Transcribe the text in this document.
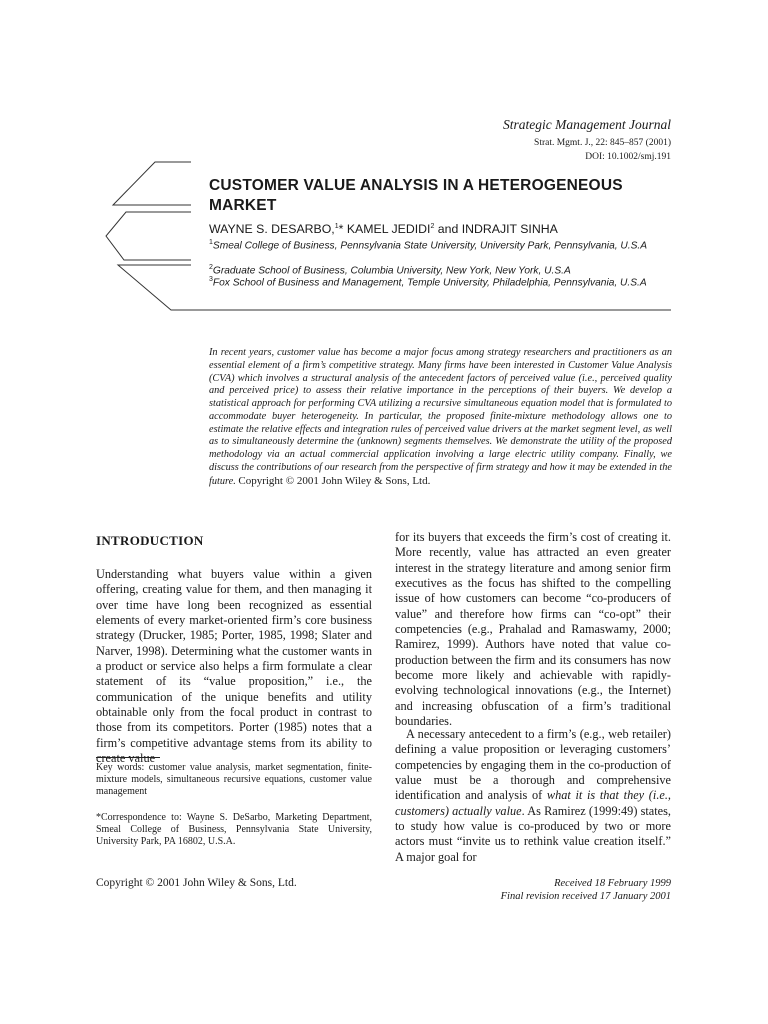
Strategic Management Journal
Strat. Mgmt. J., 22: 845–857 (2001)
DOI: 10.1002/smj.191
CUSTOMER VALUE ANALYSIS IN A HETEROGENEOUS MARKET
WAYNE S. DESARBO,$^1$* KAMEL JEDIDI$^2$ and INDRAJIT SINHA
$^1$Smeal College of Business, Pennsylvania State University, University Park, Pennsylvania, U.S.A
$^2$Graduate School of Business, Columbia University, New York, New York, U.S.A
$^3$Fox School of Business and Management, Temple University, Philadelphia, Pennsylvania, U.S.A
In recent years, customer value has become a major focus among strategy researchers and practitioners as an essential element of a firm’s competitive strategy. Many firms have been interested in Customer Value Analysis (CVA) which involves a structural analysis of the antecedent factors of perceived value (i.e., perceived quality and perceived price) to assess their relative importance in the perceptions of their buyers. We develop a statistical approach for performing CVA utilizing a recursive simultaneous equation model that is formulated to accommodate buyer heterogeneity. In particular, the proposed finite-mixture methodology allows one to estimate the relative effects and integration rules of perceived value drivers at the market segment level, as well as to simultaneously determine the (unknown) segments themselves. We demonstrate the utility of the proposed methodology via an actual commercial application involving a large electric utility company. Finally, we discuss the contributions of our research from the perspective of firm strategy and how it may be extended in the future. Copyright © 2001 John Wiley & Sons, Ltd.
INTRODUCTION
Understanding what buyers value within a given offering, creating value for them, and then managing it over time have long been recognized as essential elements of every market-oriented firm’s core business strategy (Drucker, 1985; Porter, 1985, 1998; Slater and Narver, 1998). Determining what the customer wants in a product or service also helps a firm formulate a clear statement of its “value proposition,” i.e., the communication of the unique benefits and utility obtainable only from the focal product in contrast to those from its competitors. Porter (1985) notes that a firm’s competitive advantage stems from its ability to create value
Key words: customer value analysis, market segmentation, finite-mixture models, simultaneous recursive equations, customer value management
*Correspondence to: Wayne S. DeSarbo, Marketing Department, Smeal College of Business, Pennsylvania State University, University Park, PA 16802, U.S.A.
for its buyers that exceeds the firm’s cost of creating it. More recently, value has attracted an even greater interest in the strategy literature and among senior firm executives as the focus has shifted to the compelling issue of how customers can become “co-producers of value” and therefore how firms can “co-opt” their competencies (e.g., Prahalad and Ramaswamy, 2000; Ramirez, 1999). Authors have noted that value co-production between the firm and its consumers has now become more likely and achievable with rapidly-evolving technological innovations (e.g., the Internet) and increasing obfuscation of a firm’s traditional boundaries.
A necessary antecedent to a firm’s (e.g., web retailer) defining a value proposition or leveraging customers’ competencies by engaging them in the co-production of value must be a thorough and comprehensive identification and analysis of what it is that they (i.e., customers) actually value. As Ramirez (1999:49) states, to study how value is co-produced by two or more actors must “invite us to rethink value creation itself.” A major goal for
Copyright © 2001 John Wiley & Sons, Ltd.	Received 18 February 1999
Final revision received 17 January 2001
